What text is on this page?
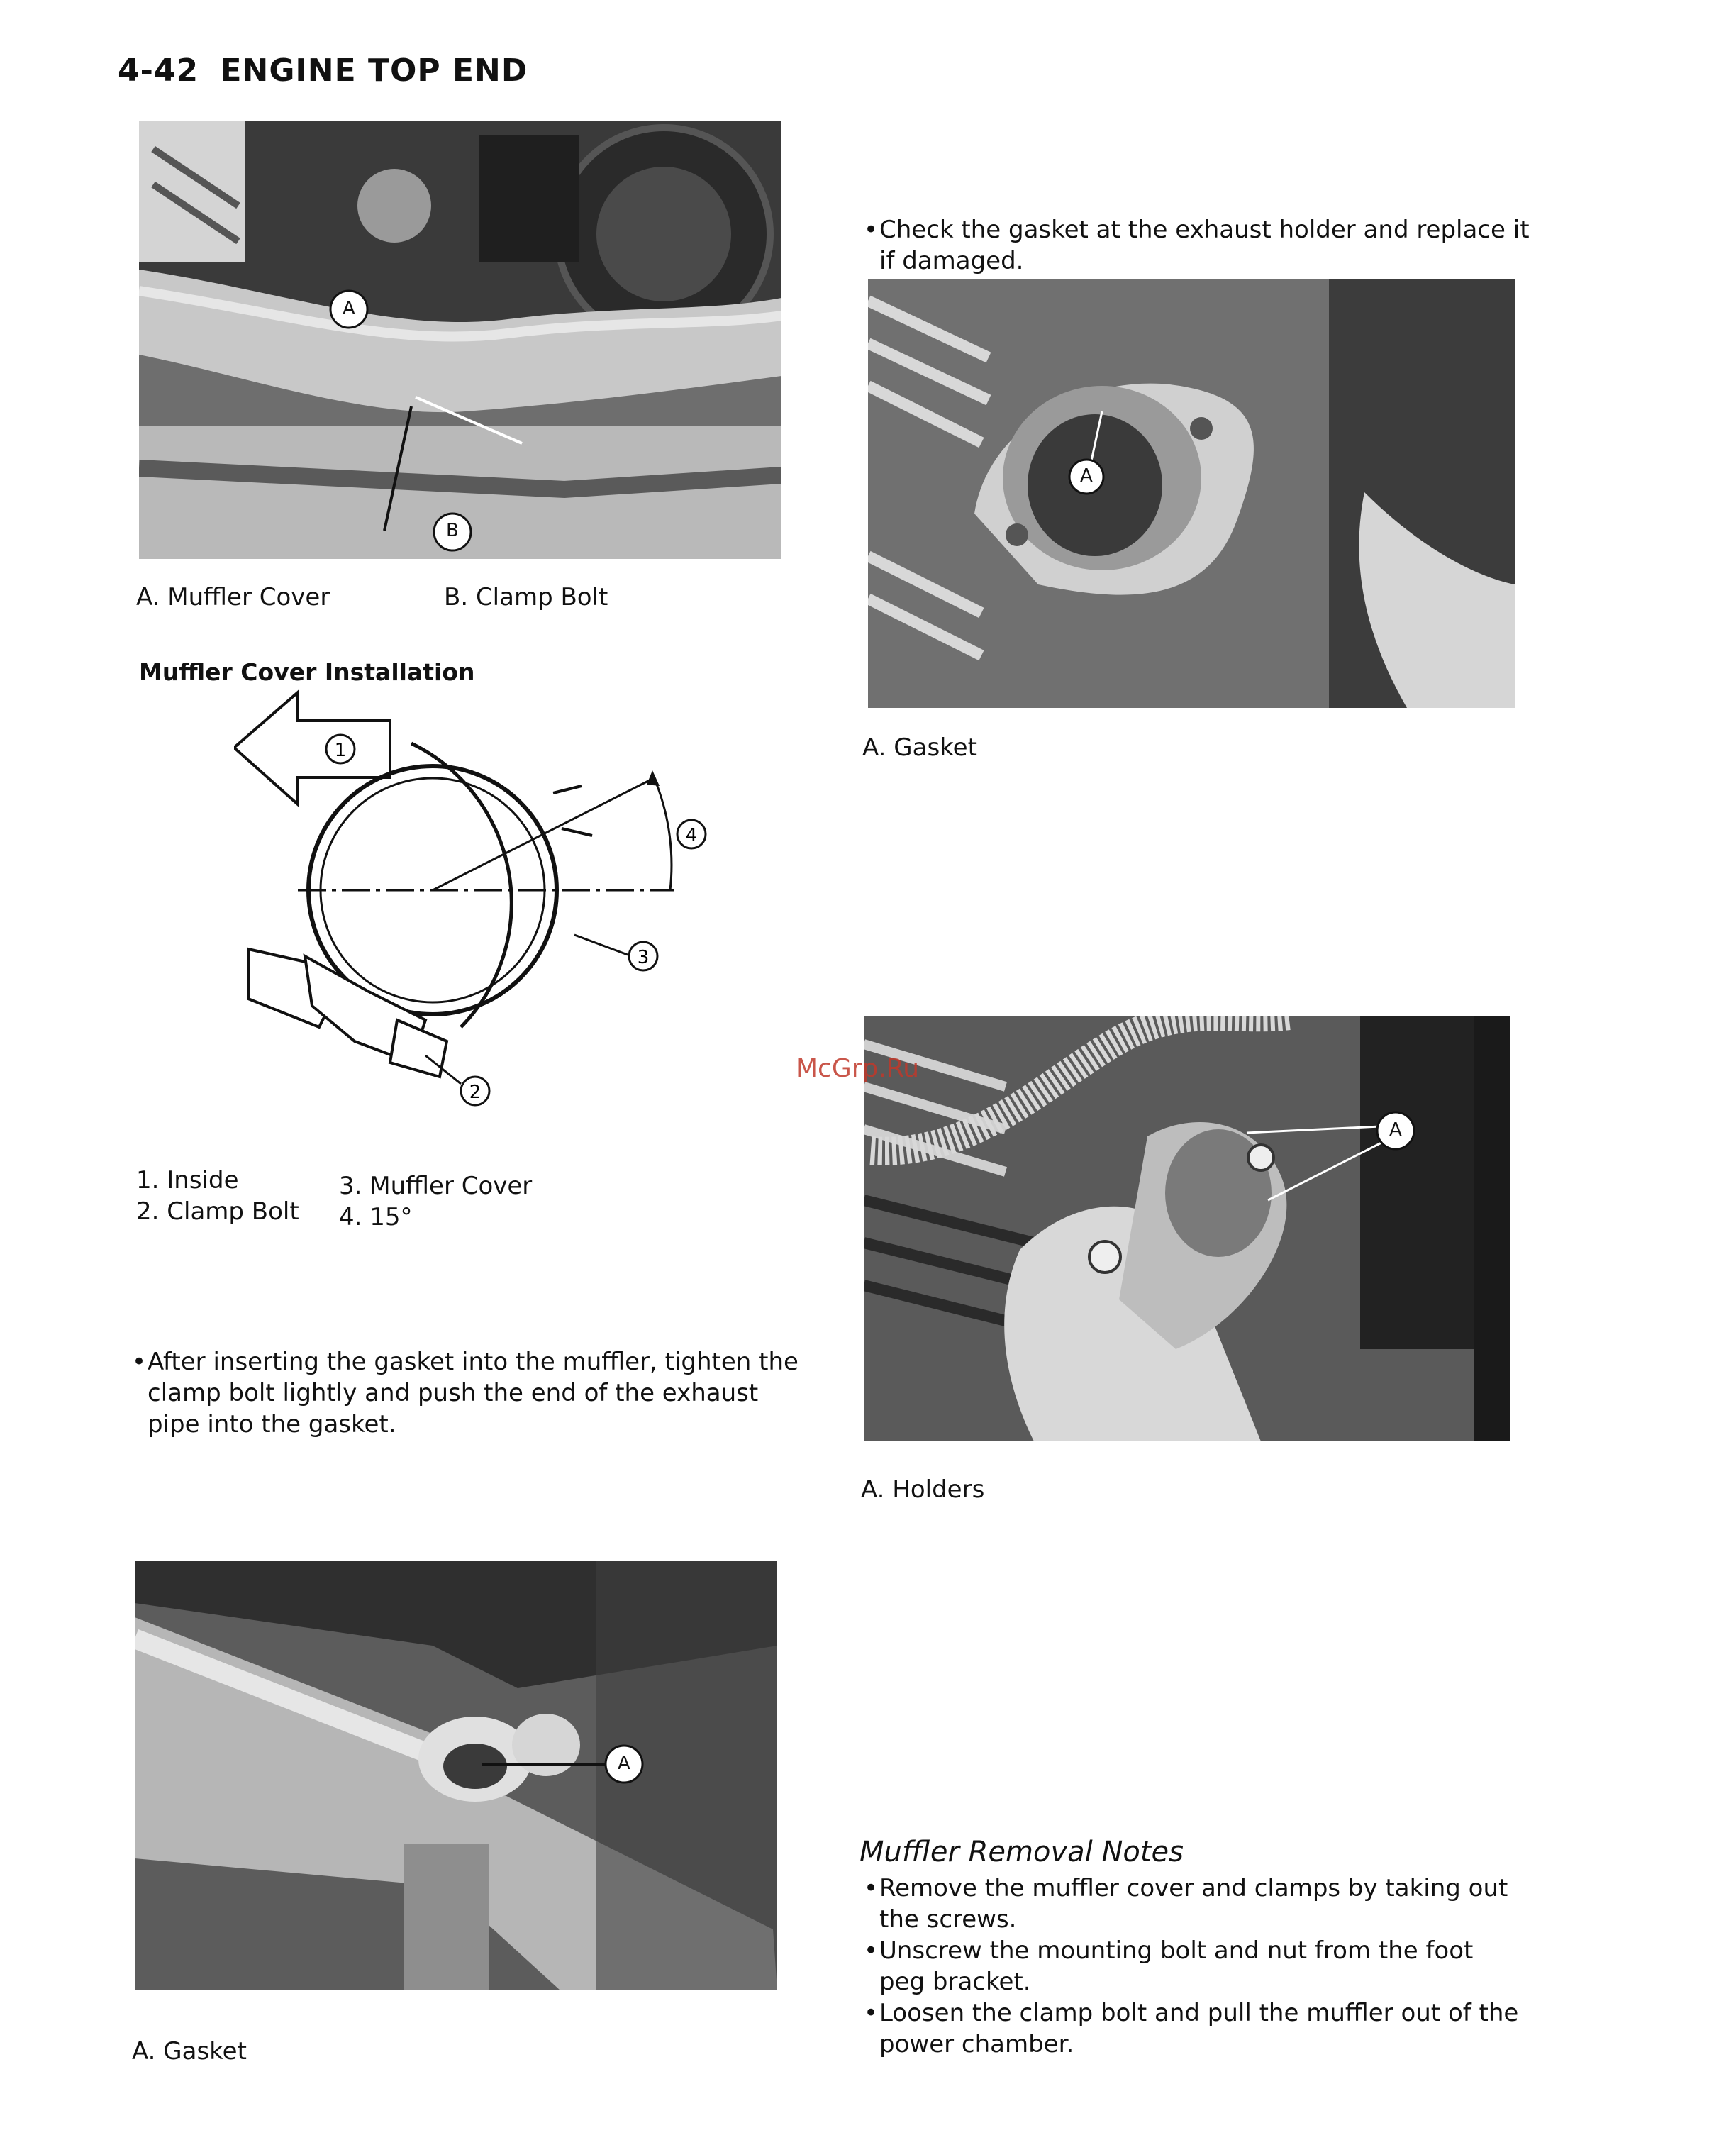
4-42 ENGINE TOP END
A
B
A. Muffler Cover	B. Clamp Bolt
Muffler Cover Installation
1
4
3
2
1. Inside
2. Clamp Bolt
3. Muffler Cover
4. 15°
• After inserting the gasket into the muffler, tighten the clamp bolt lightly and push the end of the exhaust pipe into the gasket.
A
A. Gasket
• Check the gasket at the exhaust holder and replace it if damaged.
A
A. Gasket
•
A
A. Holders
McGrp.Ru
Muffler Removal Notes
• Remove the muffler cover and clamps by taking out the screws.
• Unscrew the mounting bolt and nut from the foot peg bracket.
• Loosen the clamp bolt and pull the muffler out of the power chamber.
